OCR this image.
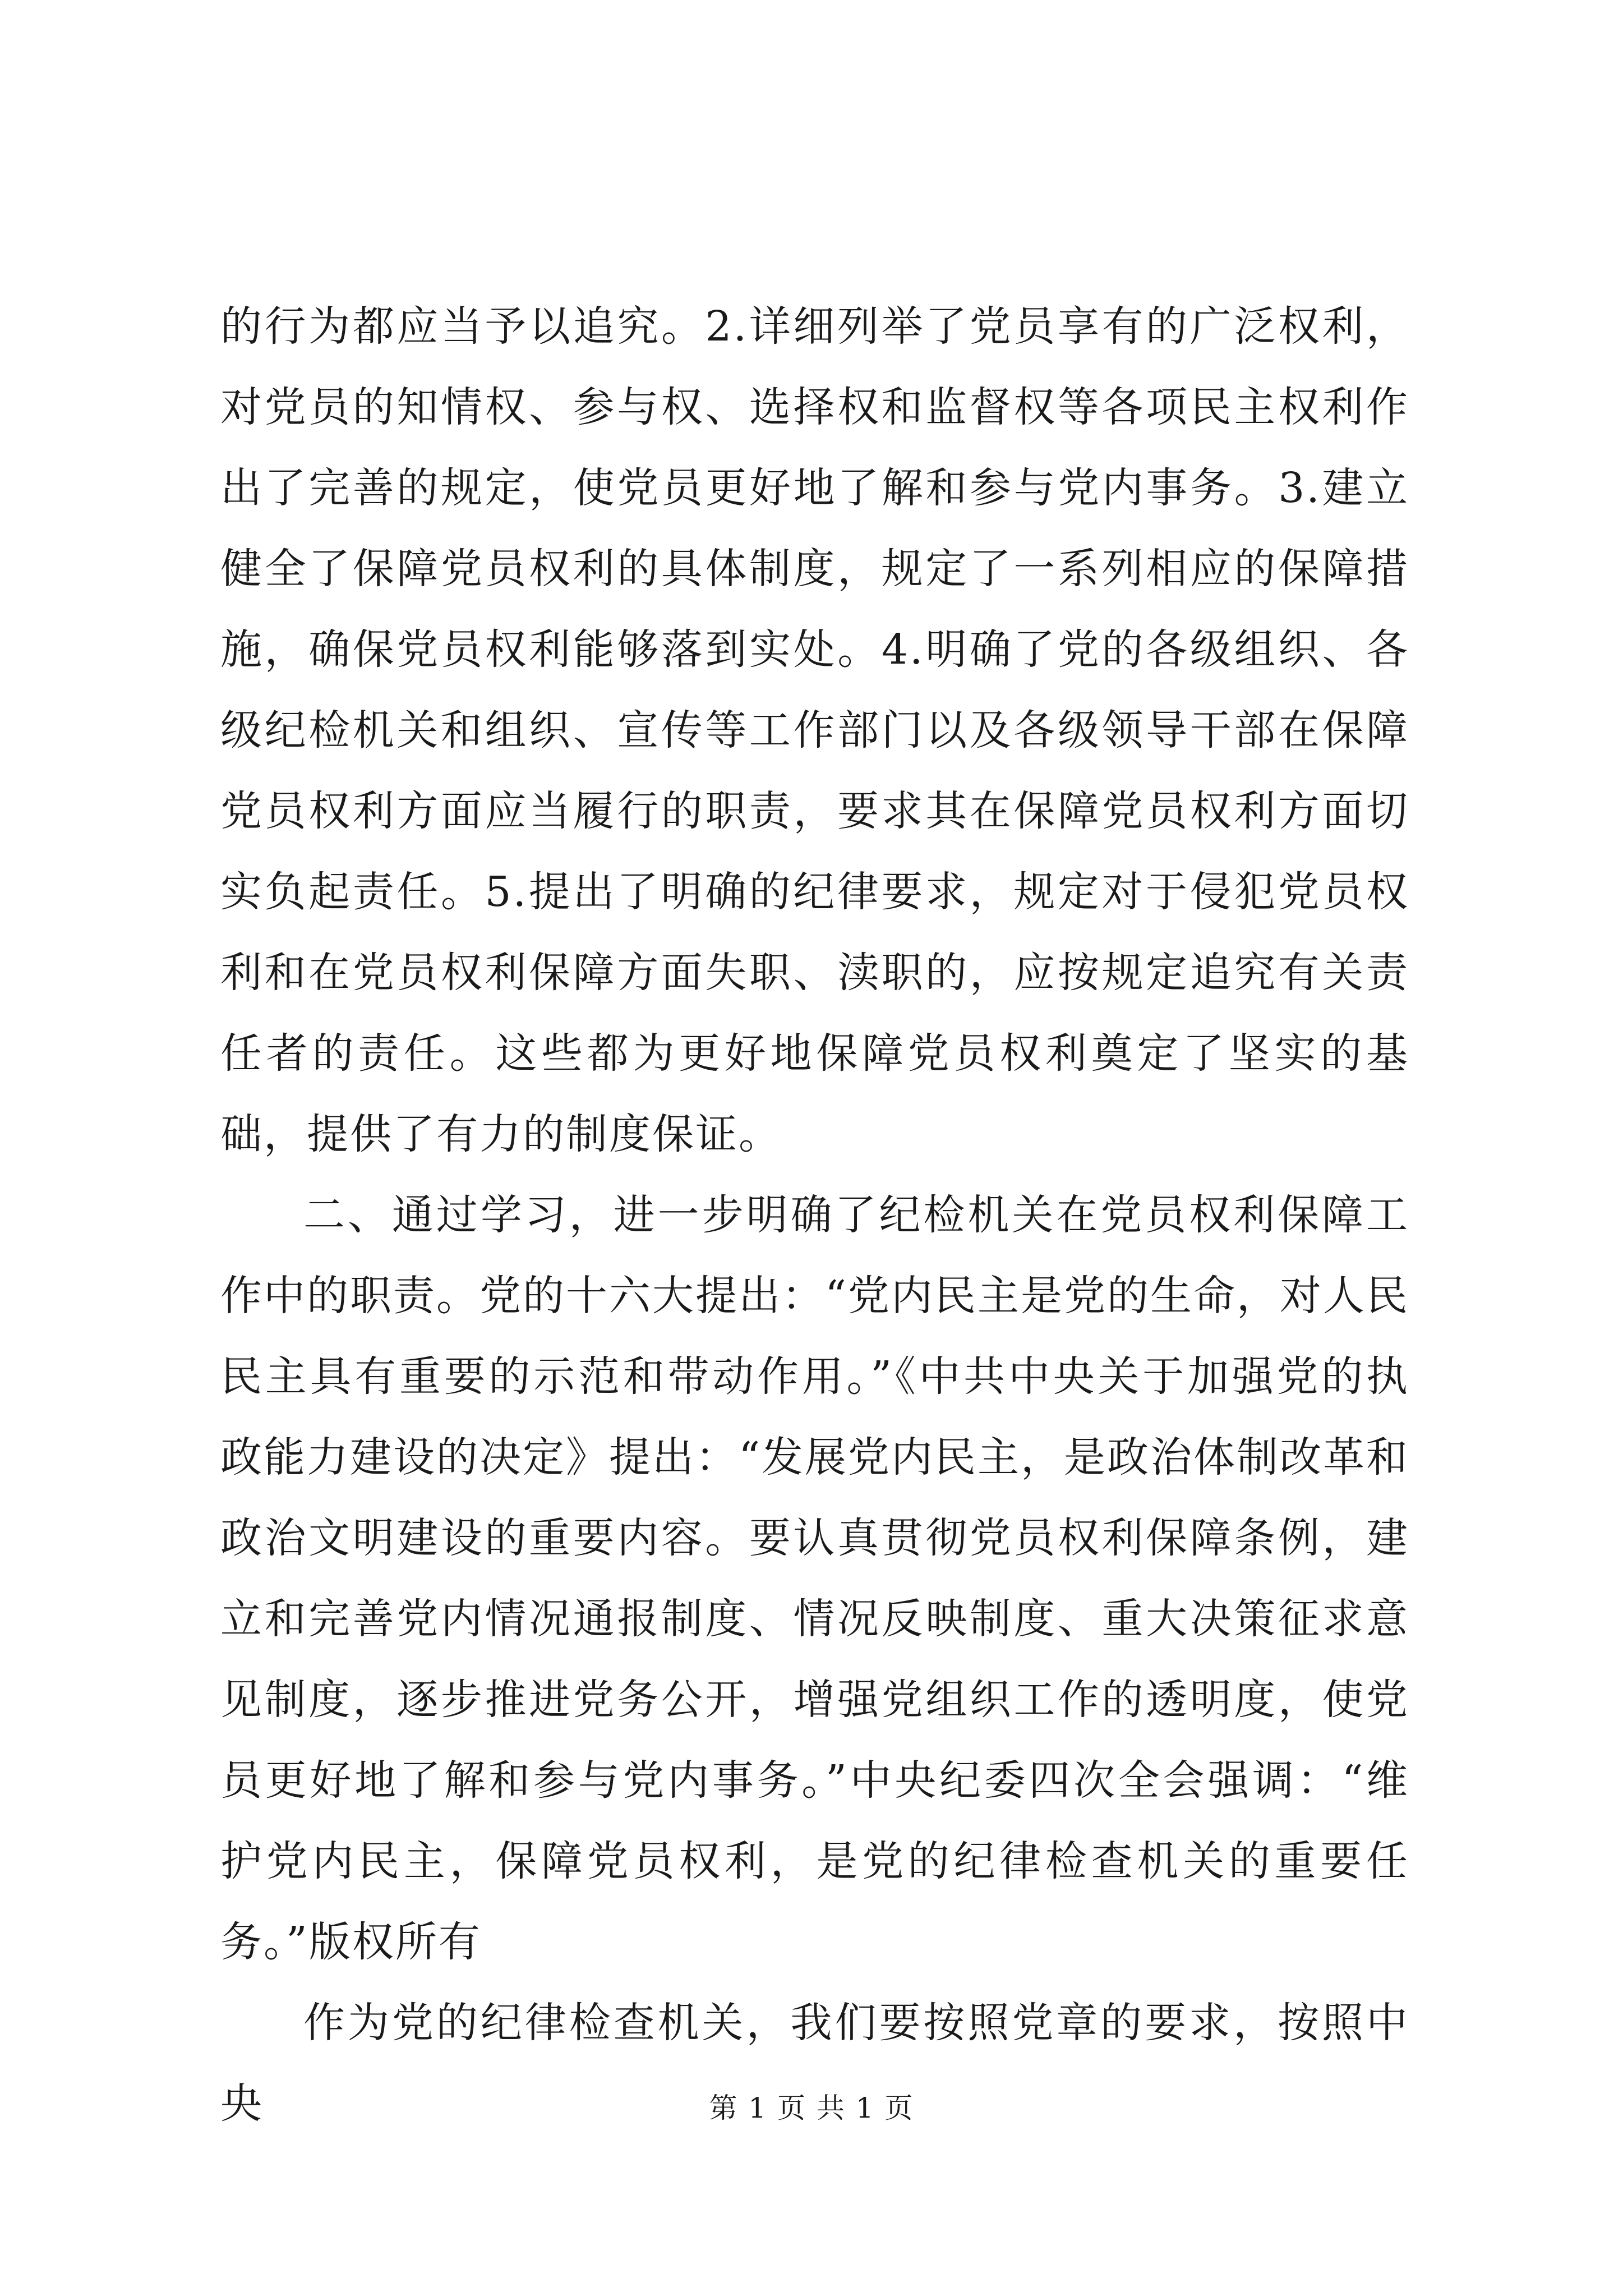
的行为都应当予以追究。2.详细列举了党员享有的广泛权利，对党员的知情权、参与权、选择权和监督权等各项民主权利作出了完善的规定，使党员更好地了解和参与党内事务。3.建立健全了保障党员权利的具体制度，规定了一系列相应的保障措施，确保党员权利能够落到实处。4.明确了党的各级组织、各级纪检机关和组织、宣传等工作部门以及各级领导干部在保障党员权利方面应当履行的职责，要求其在保障党员权利方面切实负起责任。5.提出了明确的纪律要求，规定对于侵犯党员权利和在党员权利保障方面失职、渎职的，应按规定追究有关责任者的责任。这些都为更好地保障党员权利奠定了坚实的基础，提供了有力的制度保证。

二、通过学习，进一步明确了纪检机关在党员权利保障工作中的职责。党的十六大提出：“党内民主是党的生命，对人民民主具有重要的示范和带动作用。”《中共中央关于加强党的执政能力建设的决定》提出：“发展党内民主，是政治体制改革和政治文明建设的重要内容。要认真贯彻党员权利保障条例，建立和完善党内情况通报制度、情况反映制度、重大决策征求意见制度，逐步推进党务公开，增强党组织工作的透明度，使党员更好地了解和参与党内事务。”中央纪委四次全会强调：“维护党内民主，保障党员权利，是党的纪律检查机关的重要任务。”版权所有

作为党的纪律检查机关，我们要按照党章的要求，按照中央	第 1 页 共 1 页
